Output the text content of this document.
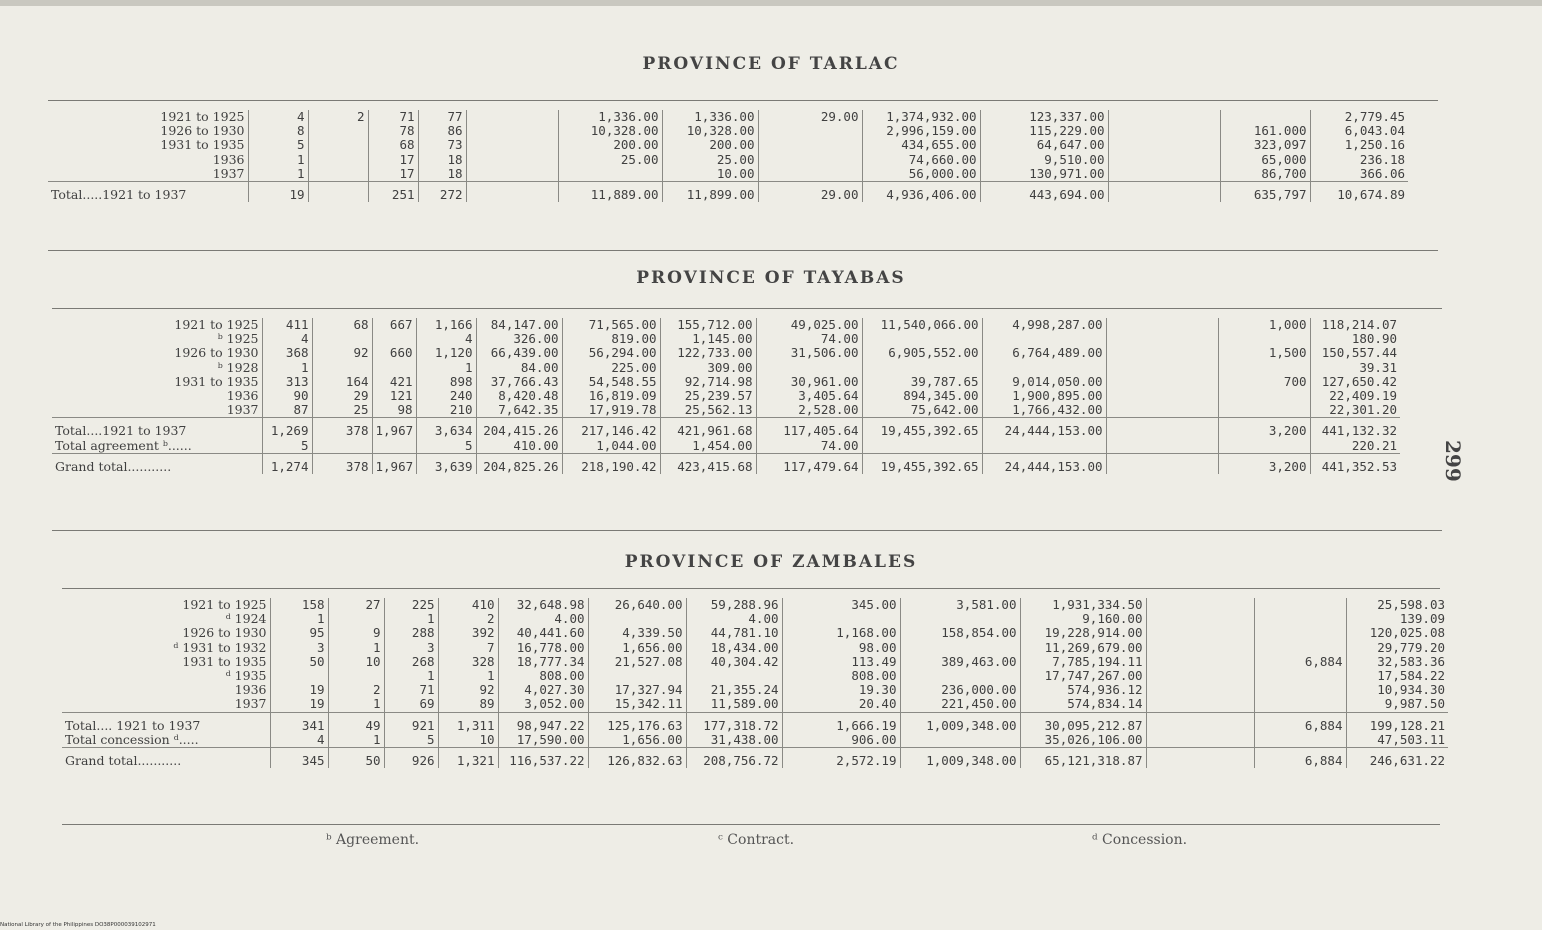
PROVINCE OF TARLAC
1921 to 1925	4	2	71	77		1,336.00	1,336.00	29.00	1,374,932.00	123,337.00			2,779.45
1926 to 1930	8		78	86		10,328.00	10,328.00		2,996,159.00	115,229.00		161.000	6,043.04
1931 to 1935	5		68	73		200.00	200.00		434,655.00	64,647.00		323,097	1,250.16
1936	1		17	18		25.00	25.00		74,660.00	9,510.00		65,000	236.18
1937	1		17	18			10.00		56,000.00	130,971.00		86,700	366.06
Total.....1921 to 1937	19		251	272		11,889.00	11,899.00	29.00	4,936,406.00	443,694.00		635,797	10,674.89
PROVINCE OF TAYABAS
1921 to 1925	411	68	667	1,166	84,147.00	71,565.00	155,712.00	49,025.00	11,540,066.00	4,998,287.00		1,000	118,214.07
ᵇ 1925	4			4	326.00	819.00	1,145.00	74.00					180.90
1926 to 1930	368	92	660	1,120	66,439.00	56,294.00	122,733.00	31,506.00	6,905,552.00	6,764,489.00		1,500	150,557.44
ᵇ 1928	1			1	84.00	225.00	309.00						39.31
1931 to 1935	313	164	421	898	37,766.43	54,548.55	92,714.98	30,961.00	39,787.65	9,014,050.00		700	127,650.42
1936	90	29	121	240	8,420.48	16,819.09	25,239.57	3,405.64	894,345.00	1,900,895.00			22,409.19
1937	87	25	98	210	7,642.35	17,919.78	25,562.13	2,528.00	75,642.00	1,766,432.00			22,301.20
Total....1921 to 1937	1,269	378	1,967	3,634	204,415.26	217,146.42	421,961.68	117,405.64	19,455,392.65	24,444,153.00		3,200	441,132.32
Total agreement ᵇ......	5			5	410.00	1,044.00	1,454.00	74.00					220.21
Grand total...........	1,274	378	1,967	3,639	204,825.26	218,190.42	423,415.68	117,479.64	19,455,392.65	24,444,153.00		3,200	441,352.53
PROVINCE OF ZAMBALES
1921 to 1925	158	27	225	410	32,648.98	26,640.00	59,288.96	345.00	3,581.00	1,931,334.50			25,598.03
ᵈ 1924	1		1	2	4.00		4.00			9,160.00			139.09
1926 to 1930	95	9	288	392	40,441.60	4,339.50	44,781.10	1,168.00	158,854.00	19,228,914.00			120,025.08
ᵈ 1931 to 1932	3	1	3	7	16,778.00	1,656.00	18,434.00	98.00		11,269,679.00			29,779.20
1931 to 1935	50	10	268	328	18,777.34	21,527.08	40,304.42	113.49	389,463.00	7,785,194.11		6,884	32,583.36
ᵈ 1935			1	1	808.00			808.00		17,747,267.00			17,584.22
1936	19	2	71	92	4,027.30	17,327.94	21,355.24	19.30	236,000.00	574,936.12			10,934.30
1937	19	1	69	89	3,052.00	15,342.11	11,589.00	20.40	221,450.00	574,834.14			9,987.50
Total.... 1921 to 1937	341	49	921	1,311	98,947.22	125,176.63	177,318.72	1,666.19	1,009,348.00	30,095,212.87		6,884	199,128.21
Total concession ᵈ.....	4	1	5	10	17,590.00	1,656.00	31,438.00	906.00		35,026,106.00			47,503.11
Grand total...........	345	50	926	1,321	116,537.22	126,832.63	208,756.72	2,572.19	1,009,348.00	65,121,318.87		6,884	246,631.22
299
ᵇ Agreement.	ᶜ Contract.	ᵈ Concession.
National Library of the Philippines DO38P000039102971
